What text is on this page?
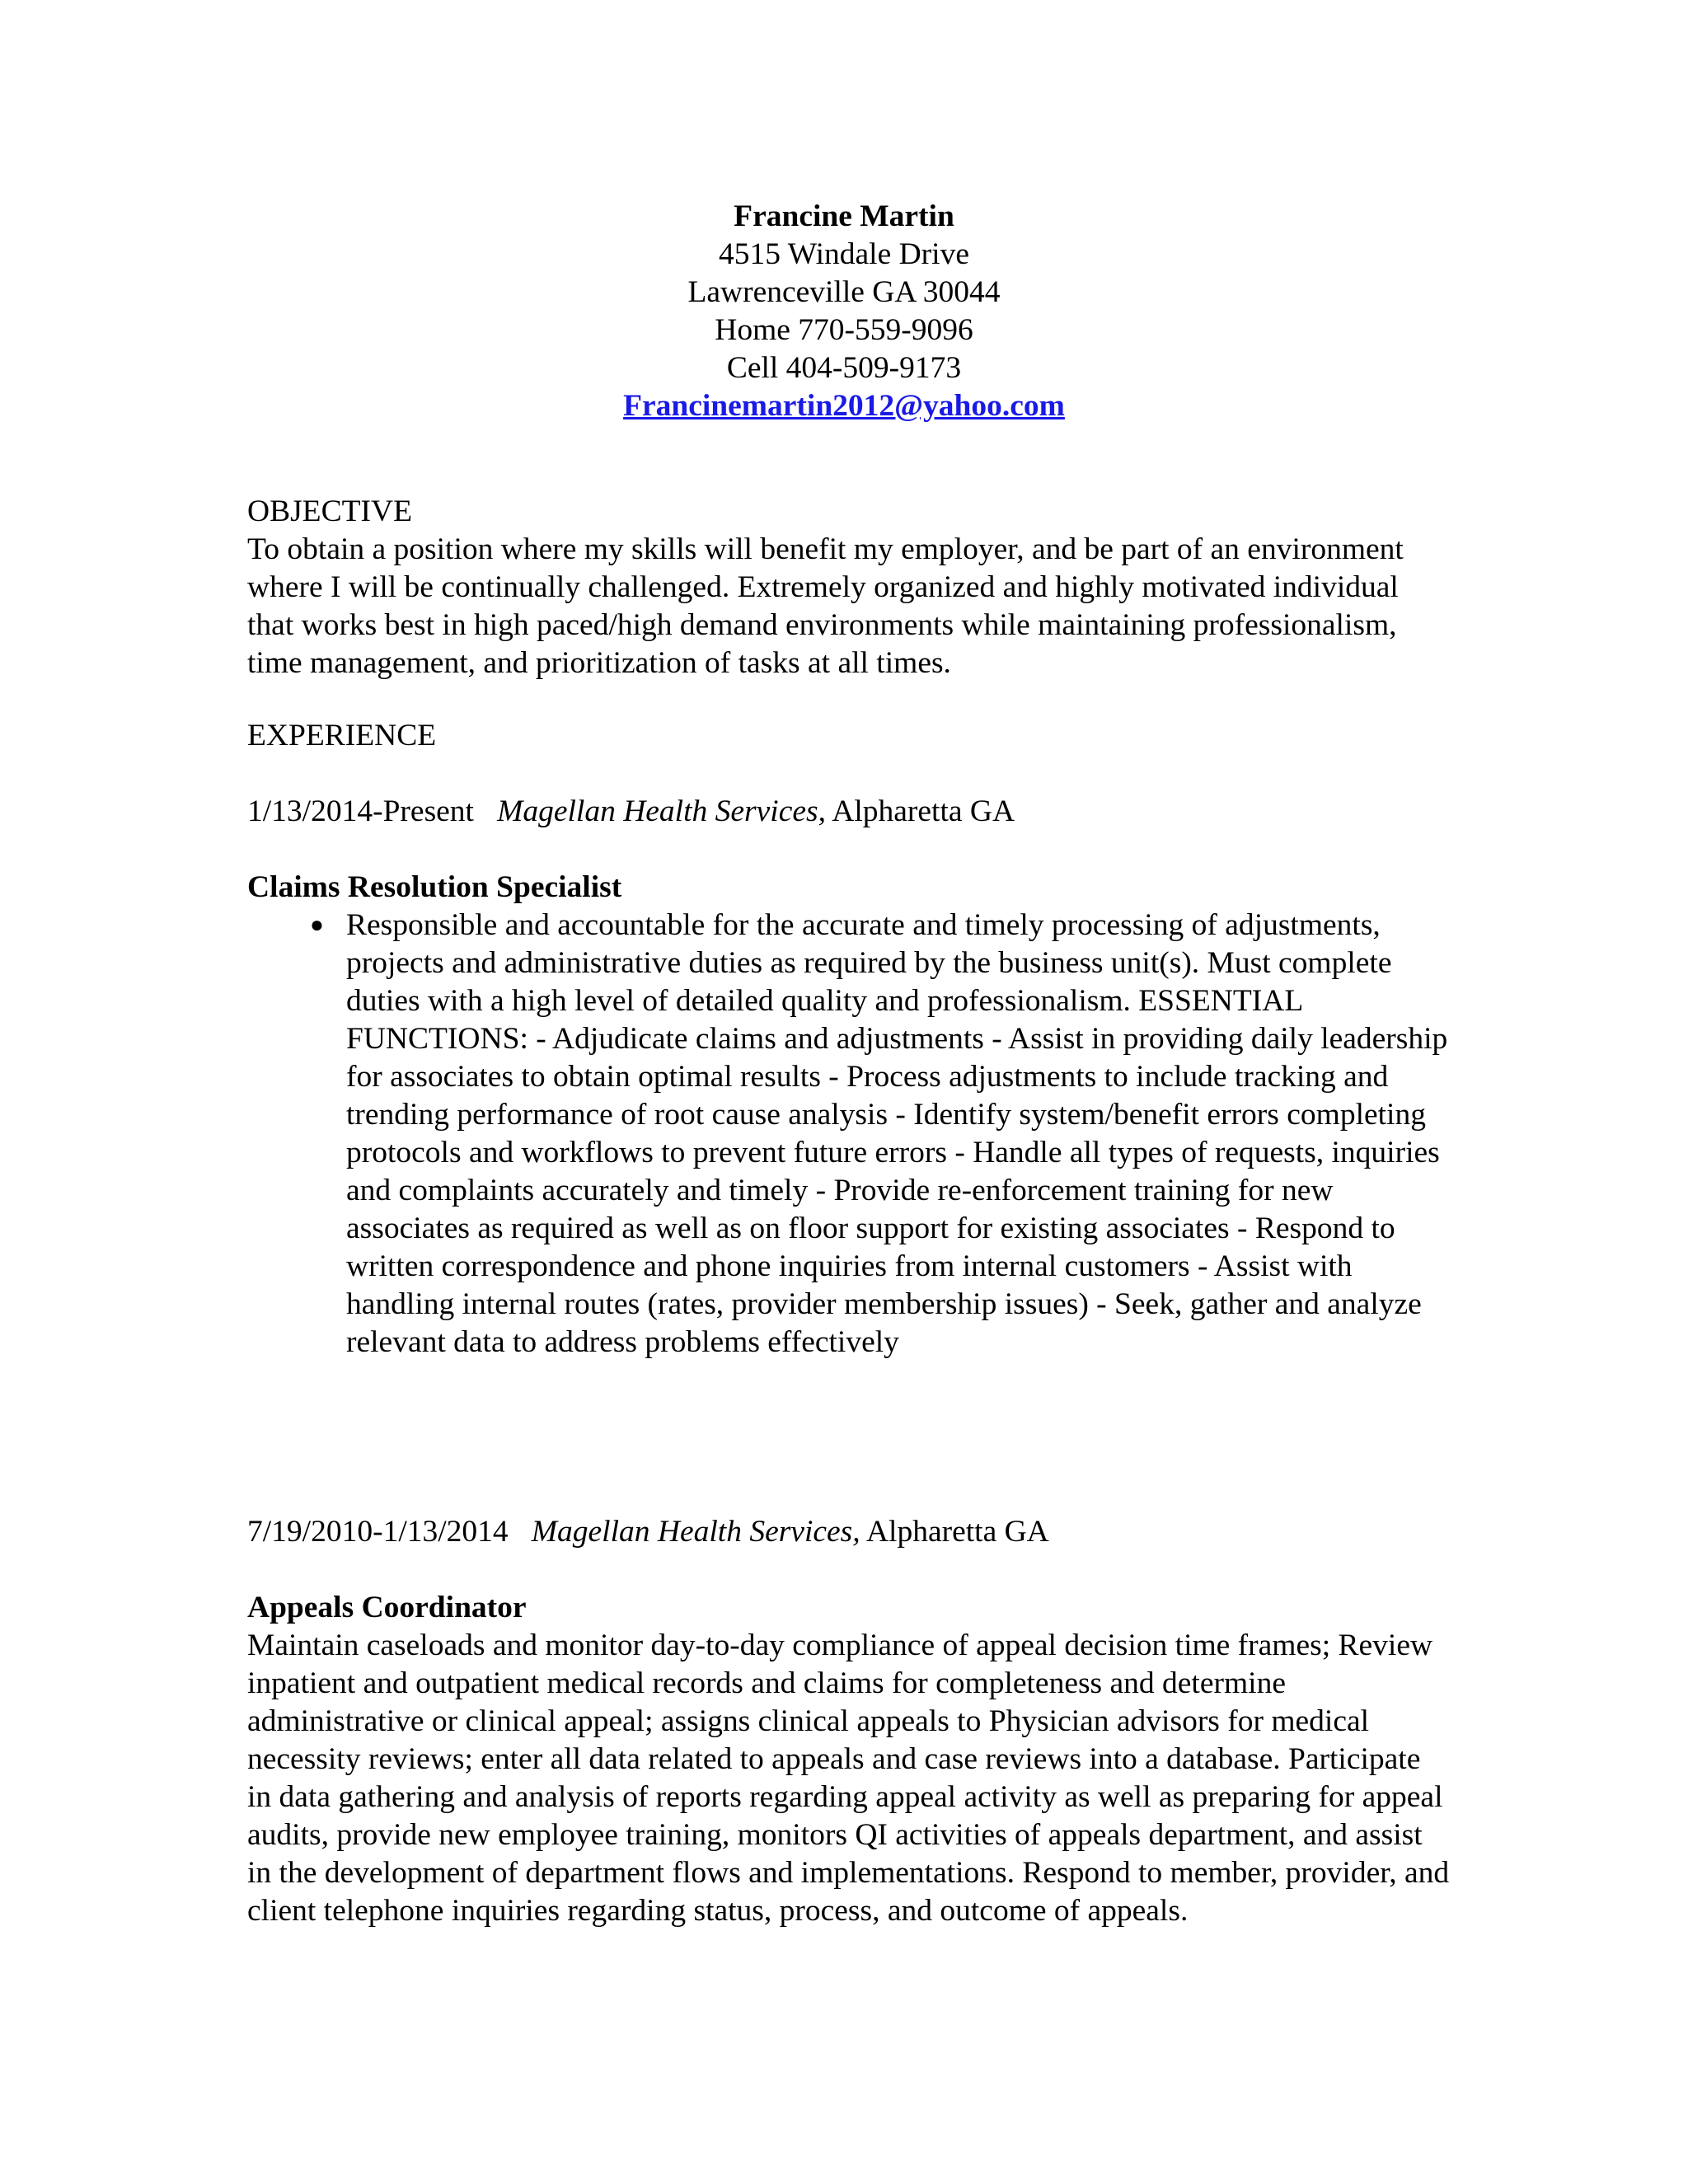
Francine Martin
4515 Windale Drive
Lawrenceville GA 30044
Home 770-559-9096
Cell 404-509-9173
Francinemartin2012@yahoo.com
OBJECTIVE
To obtain a position where my skills will benefit my employer, and be part of an environment where I will be continually challenged. Extremely organized and highly motivated individual that works best in high paced/high demand environments while maintaining professionalism, time management, and prioritization of tasks at all times.
EXPERIENCE
1/13/2014-Present Magellan Health Services, Alpharetta GA
Claims Resolution Specialist
● Responsible and accountable for the accurate and timely processing of adjustments, projects and administrative duties as required by the business unit(s). Must complete duties with a high level of detailed quality and professionalism. ESSENTIAL FUNCTIONS: - Adjudicate claims and adjustments - Assist in providing daily leadership for associates to obtain optimal results - Process adjustments to include tracking and trending performance of root cause analysis - Identify system/benefit errors completing protocols and workflows to prevent future errors - Handle all types of requests, inquiries and complaints accurately and timely - Provide re-enforcement training for new associates as required as well as on floor support for existing associates - Respond to written correspondence and phone inquiries from internal customers - Assist with handling internal routes (rates, provider membership issues) - Seek, gather and analyze relevant data to address problems effectively
7/19/2010-1/13/2014 Magellan Health Services, Alpharetta GA
Appeals Coordinator
Maintain caseloads and monitor day-to-day compliance of appeal decision time frames; Review inpatient and outpatient medical records and claims for completeness and determine administrative or clinical appeal; assigns clinical appeals to Physician advisors for medical necessity reviews; enter all data related to appeals and case reviews into a database. Participate in data gathering and analysis of reports regarding appeal activity as well as preparing for appeal audits, provide new employee training, monitors QI activities of appeals department, and assist in the development of department flows and implementations. Respond to member, provider, and client telephone inquiries regarding status, process, and outcome of appeals.
